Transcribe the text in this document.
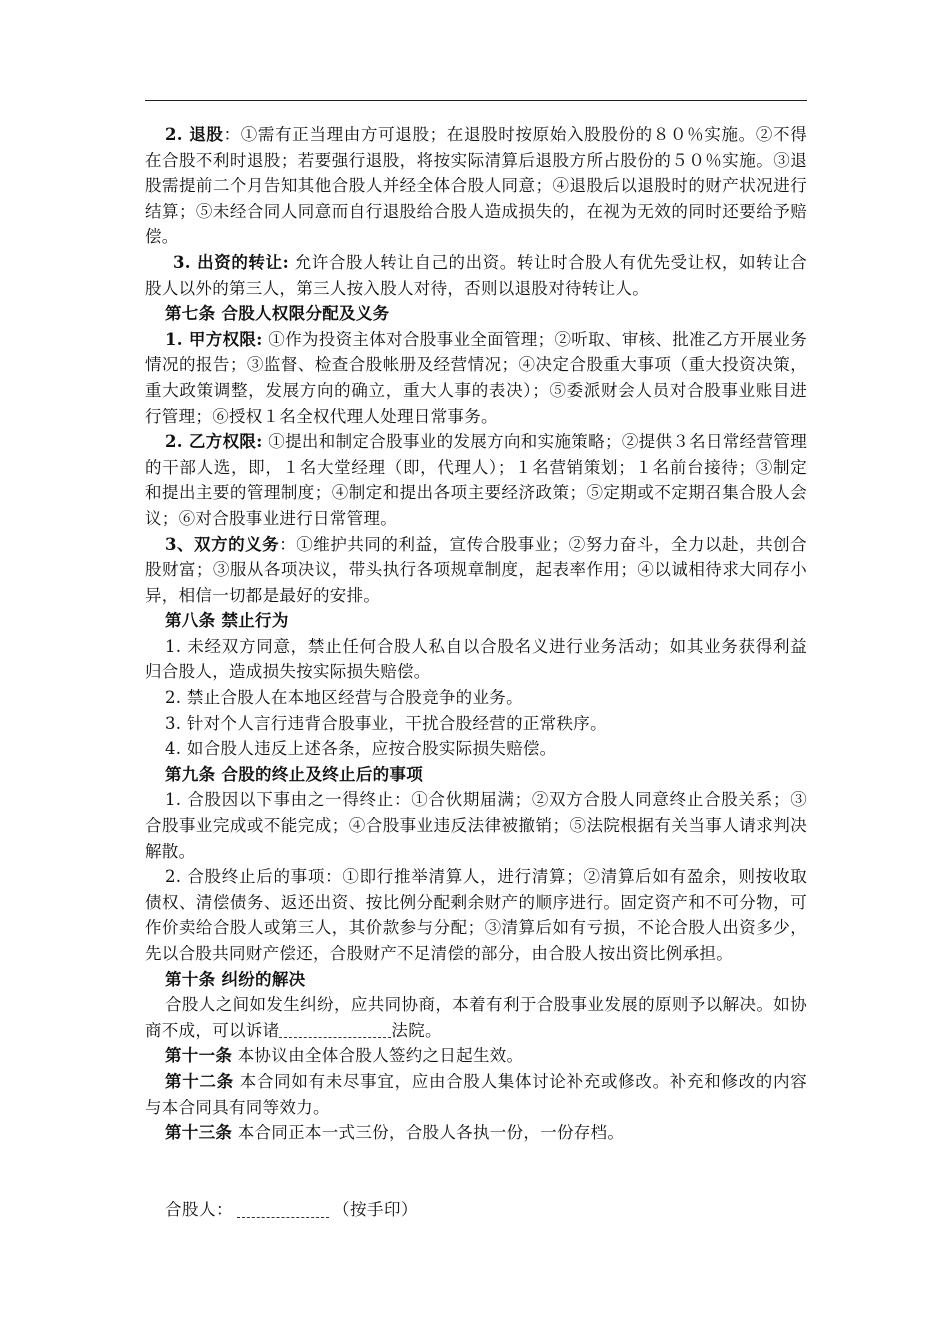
2. 退股：①需有正当理由方可退股；在退股时按原始入股股份的８０％实施。②不得在合股不利时退股；若要强行退股，将按实际清算后退股方所占股份的５０％实施。③退股需提前二个月告知其他合股人并经全体合股人同意；④退股后以退股时的财产状况进行结算；⑤未经合同人同意而自行退股给合股人造成损失的，在视为无效的同时还要给予赔偿。

3. 出资的转让: 允许合股人转让自己的出资。转让时合股人有优先受让权，如转让合股人以外的第三人，第三人按入股人对待，否则以退股对待转让人。

第七条 合股人权限分配及义务

1. 甲方权限: ①作为投资主体对合股事业全面管理；②听取、审核、批准乙方开展业务情况的报告；③监督、检查合股帐册及经营情况；④决定合股重大事项（重大投资决策，重大政策调整，发展方向的确立，重大人事的表决）；⑤委派财会人员对合股事业账目进行管理；⑥授权１名全权代理人处理日常事务。

2. 乙方权限: ①提出和制定合股事业的发展方向和实施策略；②提供３名日常经营管理的干部人选，即，１名大堂经理（即，代理人）；１名营销策划；１名前台接待；③制定和提出主要的管理制度；④制定和提出各项主要经济政策；⑤定期或不定期召集合股人会议；⑥对合股事业进行日常管理。

3、双方的义务：①维护共同的利益，宣传合股事业；②努力奋斗，全力以赴，共创合股财富；③服从各项决议，带头执行各项规章制度，起表率作用；④以诚相待求大同存小异，相信一切都是最好的安排。

第八条 禁止行为

1. 未经双方同意，禁止任何合股人私自以合股名义进行业务活动；如其业务获得利益归合股人，造成损失按实际损失赔偿。

2. 禁止合股人在本地区经营与合股竞争的业务。

3. 针对个人言行违背合股事业，干扰合股经营的正常秩序。

4. 如合股人违反上述各条，应按合股实际损失赔偿。

第九条 合股的终止及终止后的事项

1. 合股因以下事由之一得终止：①合伙期届满；②双方合股人同意终止合股关系；③合股事业完成或不能完成；④合股事业违反法律被撤销；⑤法院根据有关当事人请求判决解散。

2. 合股终止后的事项：①即行推举清算人，进行清算；②清算后如有盈余，则按收取债权、清偿债务、返还出资、按比例分配剩余财产的顺序进行。固定资产和不可分物，可作价卖给合股人或第三人，其价款参与分配；③清算后如有亏损，不论合股人出资多少，先以合股共同财产偿还，合股财产不足清偿的部分，由合股人按出资比例承担。

第十条 纠纷的解决

合股人之间如发生纠纷，应共同协商，本着有利于合股事业发展的原则予以解决。如协商不成，可以诉诸	法院。

第十一条 本协议由全体合股人签约之日起生效。

第十二条 本合同如有未尽事宜，应由合股人集体讨论补充或修改。补充和修改的内容与本合同具有同等效力。

第十三条 本合同正本一式三份，合股人各执一份，一份存档。

合股人：	（按手印）
